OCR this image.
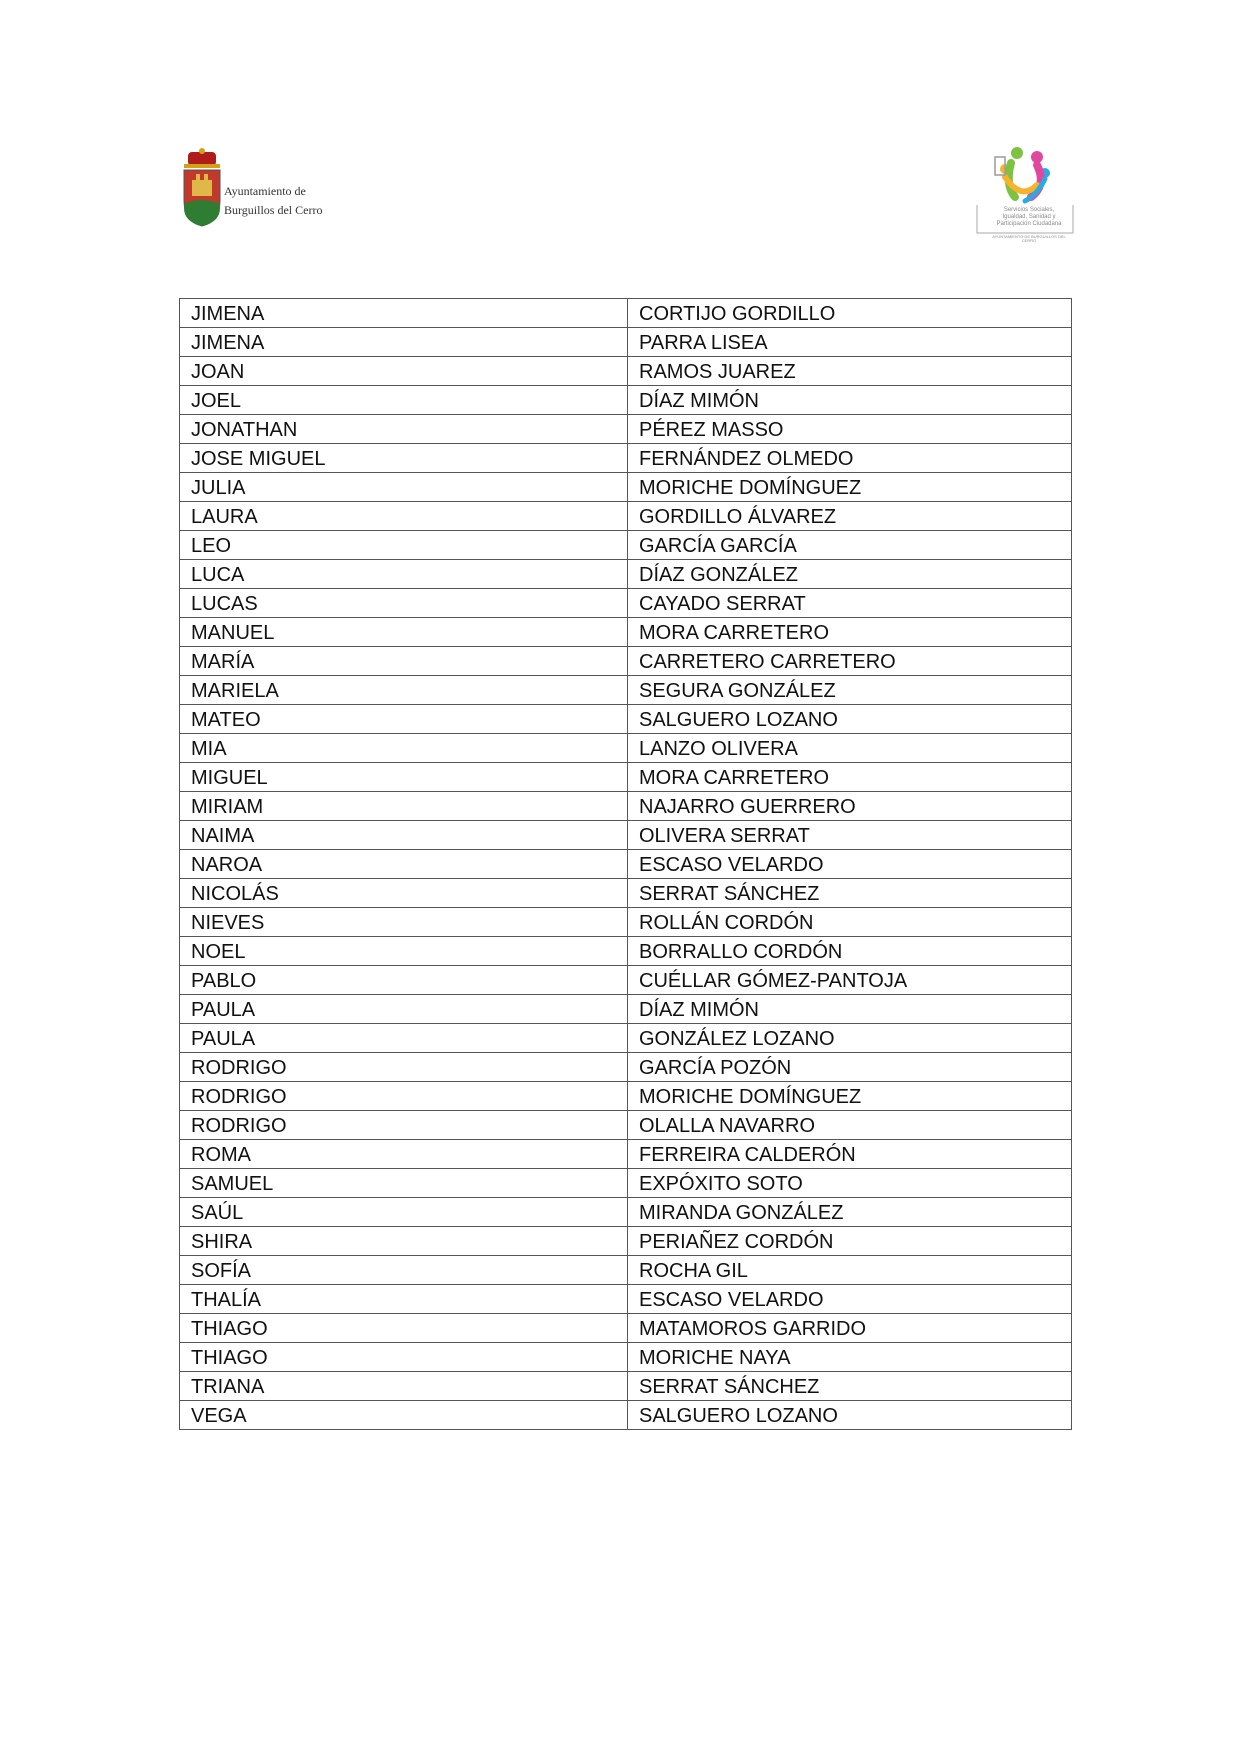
Ayuntamiento de
Burguillos del Cerro	Servicios Sociales,
Igualdad, Sanidad y
Participación Ciudadana
AYUNTAMIENTO DE BURGUILLOS DEL CERRO
JIMENA	CORTIJO GORDILLO
JIMENA	PARRA LISEA
JOAN	RAMOS JUAREZ
JOEL	DÍAZ MIMÓN
JONATHAN	PÉREZ MASSO
JOSE MIGUEL	FERNÁNDEZ OLMEDO
JULIA	MORICHE DOMÍNGUEZ
LAURA	GORDILLO ÁLVAREZ
LEO	GARCÍA GARCÍA
LUCA	DÍAZ GONZÁLEZ
LUCAS	CAYADO SERRAT
MANUEL	MORA CARRETERO
MARÍA	CARRETERO CARRETERO
MARIELA	SEGURA GONZÁLEZ
MATEO	SALGUERO LOZANO
MIA	LANZO OLIVERA
MIGUEL	MORA CARRETERO
MIRIAM	NAJARRO GUERRERO
NAIMA	OLIVERA SERRAT
NAROA	ESCASO VELARDO
NICOLÁS	SERRAT SÁNCHEZ
NIEVES	ROLLÁN CORDÓN
NOEL	BORRALLO CORDÓN
PABLO	CUÉLLAR GÓMEZ-PANTOJA
PAULA	DÍAZ MIMÓN
PAULA	GONZÁLEZ LOZANO
RODRIGO	GARCÍA POZÓN
RODRIGO	MORICHE DOMÍNGUEZ
RODRIGO	OLALLA NAVARRO
ROMA	FERREIRA CALDERÓN
SAMUEL	EXPÓXITO SOTO
SAÚL	MIRANDA GONZÁLEZ
SHIRA	PERIAÑEZ CORDÓN
SOFÍA	ROCHA GIL
THALÍA	ESCASO VELARDO
THIAGO	MATAMOROS GARRIDO
THIAGO	MORICHE NAYA
TRIANA	SERRAT SÁNCHEZ
VEGA	SALGUERO LOZANO
